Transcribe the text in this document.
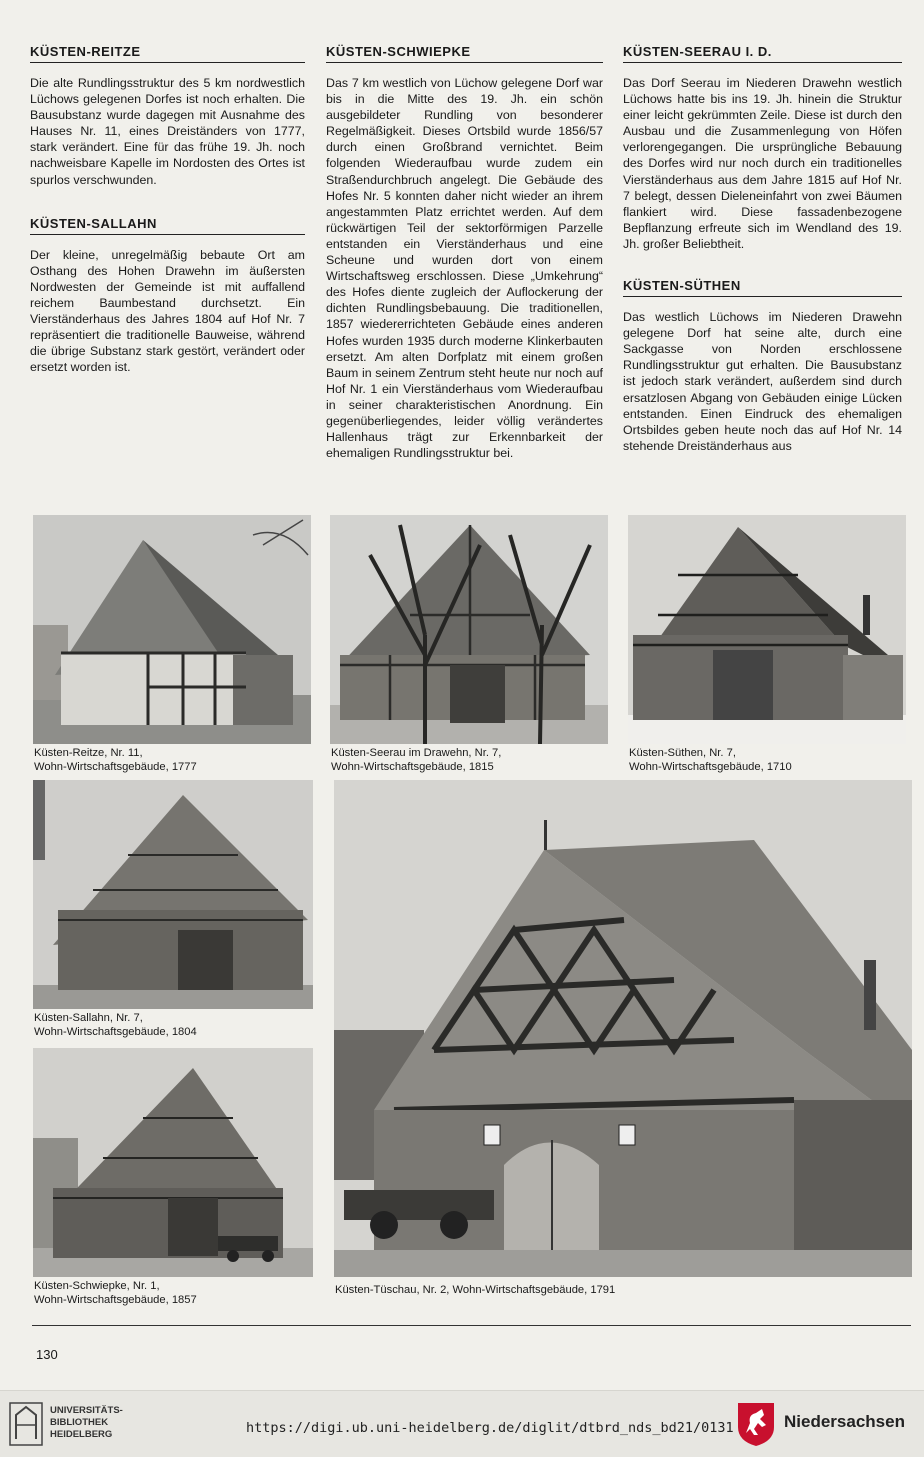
KÜSTEN-REITZE

Die alte Rundlingsstruktur des 5 km nordwestlich Lüchows gelegenen Dorfes ist noch erhalten. Die Bausubstanz wurde dagegen mit Ausnahme des Hauses Nr. 11, eines Dreiständers von 1777, stark verändert. Eine für das frühe 19. Jh. noch nachweisbare Kapelle im Nordosten des Ortes ist spurlos verschwunden.

KÜSTEN-SALLAHN

Der kleine, unregelmäßig bebaute Ort am Osthang des Hohen Drawehn im äußersten Nordwesten der Gemeinde ist mit auffallend reichem Baumbestand durchsetzt. Ein Vierständerhaus des Jahres 1804 auf Hof Nr. 7 repräsentiert die traditionelle Bauweise, während die übrige Substanz stark gestört, verändert oder ersetzt worden ist.

KÜSTEN-SCHWIEPKE

Das 7 km westlich von Lüchow gelegene Dorf war bis in die Mitte des 19. Jh. ein schön ausgebildeter Rundling von besonderer Regelmäßigkeit. Dieses Ortsbild wurde 1856/57 durch einen Großbrand vernichtet. Beim folgenden Wiederaufbau wurde zudem ein Straßendurchbruch angelegt. Die Gebäude des Hofes Nr. 5 konnten daher nicht wieder an ihrem angestammten Platz errichtet werden. Auf dem rückwärtigen Teil der sektorförmigen Parzelle entstanden ein Vierständerhaus und eine Scheune und wurden dort von einem Wirtschaftsweg erschlossen. Diese „Umkehrung“ des Hofes diente zugleich der Auflockerung der dichten Rundlingsbebauung. Die traditionellen, 1857 wiedererrichteten Gebäude eines anderen Hofes wurden 1935 durch moderne Klinkerbauten ersetzt. Am alten Dorfplatz mit einem großen Baum in seinem Zentrum steht heute nur noch auf Hof Nr. 1 ein Vierständerhaus vom Wiederaufbau in seiner charakteristischen Anordnung. Ein gegenüberliegendes, leider völlig verändertes Hallenhaus trägt zur Erkennbarkeit der ehemaligen Rundlingsstruktur bei.

KÜSTEN-SEERAU I. D.

Das Dorf Seerau im Niederen Drawehn westlich Lüchows hatte bis ins 19. Jh. hinein die Struktur einer leicht gekrümmten Zeile. Diese ist durch den Ausbau und die Zusammenlegung von Höfen verlorengegangen. Die ursprüngliche Bebauung des Dorfes wird nur noch durch ein traditionelles Vierständerhaus aus dem Jahre 1815 auf Hof Nr. 7 belegt, dessen Dieleneinfahrt von zwei Bäumen flankiert wird. Diese fassadenbezogene Bepflanzung erfreute sich im Wendland des 19. Jh. großer Beliebtheit.

KÜSTEN-SÜTHEN

Das westlich Lüchows im Niederen Drawehn gelegene Dorf hat seine alte, durch eine Sackgasse von Norden erschlossene Rundlingsstruktur gut erhalten. Die Bausubstanz ist jedoch stark verändert, außerdem sind durch ersatzlosen Abgang von Gebäuden einige Lücken entstanden. Einen Eindruck des ehemaligen Ortsbildes geben heute noch das auf Hof Nr. 14 stehende Dreiständerhaus aus

Küsten-Reitze, Nr. 11,
Wohn-Wirtschaftsgebäude, 1777
Küsten-Seerau im Drawehn, Nr. 7,
Wohn-Wirtschaftsgebäude, 1815
Küsten-Süthen, Nr. 7,
Wohn-Wirtschaftsgebäude, 1710
Küsten-Sallahn, Nr. 7,
Wohn-Wirtschaftsgebäude, 1804
Küsten-Schwiepke, Nr. 1,
Wohn-Wirtschaftsgebäude, 1857
Küsten-Tüschau, Nr. 2, Wohn-Wirtschaftsgebäude, 1791
130
UNIVERSITÄTS-
BIBLIOTHEK
HEIDELBERG	https://digi.ub.uni-heidelberg.de/diglit/dtbrd_nds_bd21/0131	Niedersachsen
